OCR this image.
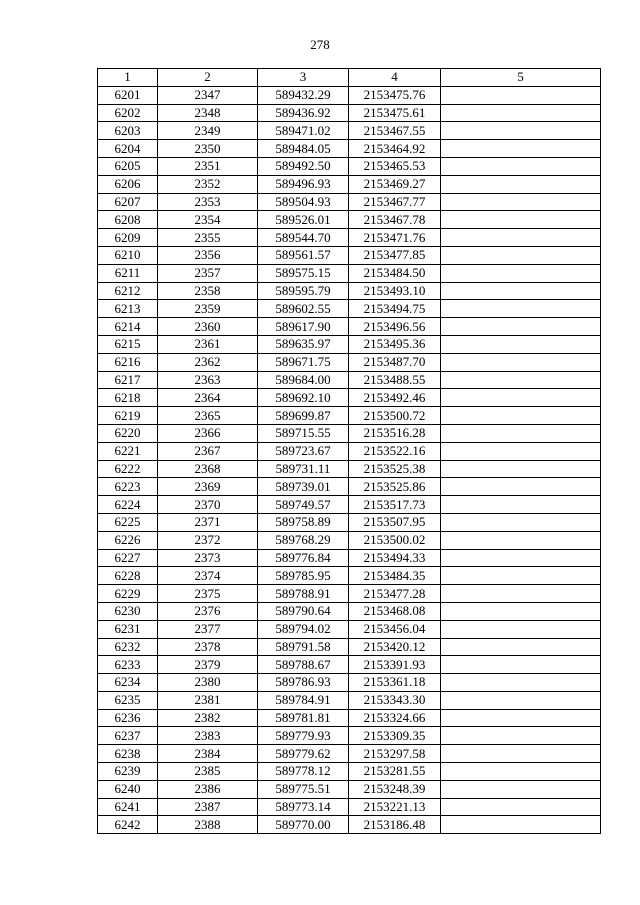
278
1	2	3	4	5
6201	2347	589432.29	2153475.76	
6202	2348	589436.92	2153475.61	
6203	2349	589471.02	2153467.55	
6204	2350	589484.05	2153464.92	
6205	2351	589492.50	2153465.53	
6206	2352	589496.93	2153469.27	
6207	2353	589504.93	2153467.77	
6208	2354	589526.01	2153467.78	
6209	2355	589544.70	2153471.76	
6210	2356	589561.57	2153477.85	
6211	2357	589575.15	2153484.50	
6212	2358	589595.79	2153493.10	
6213	2359	589602.55	2153494.75	
6214	2360	589617.90	2153496.56	
6215	2361	589635.97	2153495.36	
6216	2362	589671.75	2153487.70	
6217	2363	589684.00	2153488.55	
6218	2364	589692.10	2153492.46	
6219	2365	589699.87	2153500.72	
6220	2366	589715.55	2153516.28	
6221	2367	589723.67	2153522.16	
6222	2368	589731.11	2153525.38	
6223	2369	589739.01	2153525.86	
6224	2370	589749.57	2153517.73	
6225	2371	589758.89	2153507.95	
6226	2372	589768.29	2153500.02	
6227	2373	589776.84	2153494.33	
6228	2374	589785.95	2153484.35	
6229	2375	589788.91	2153477.28	
6230	2376	589790.64	2153468.08	
6231	2377	589794.02	2153456.04	
6232	2378	589791.58	2153420.12	
6233	2379	589788.67	2153391.93	
6234	2380	589786.93	2153361.18	
6235	2381	589784.91	2153343.30	
6236	2382	589781.81	2153324.66	
6237	2383	589779.93	2153309.35	
6238	2384	589779.62	2153297.58	
6239	2385	589778.12	2153281.55	
6240	2386	589775.51	2153248.39	
6241	2387	589773.14	2153221.13	
6242	2388	589770.00	2153186.48	
